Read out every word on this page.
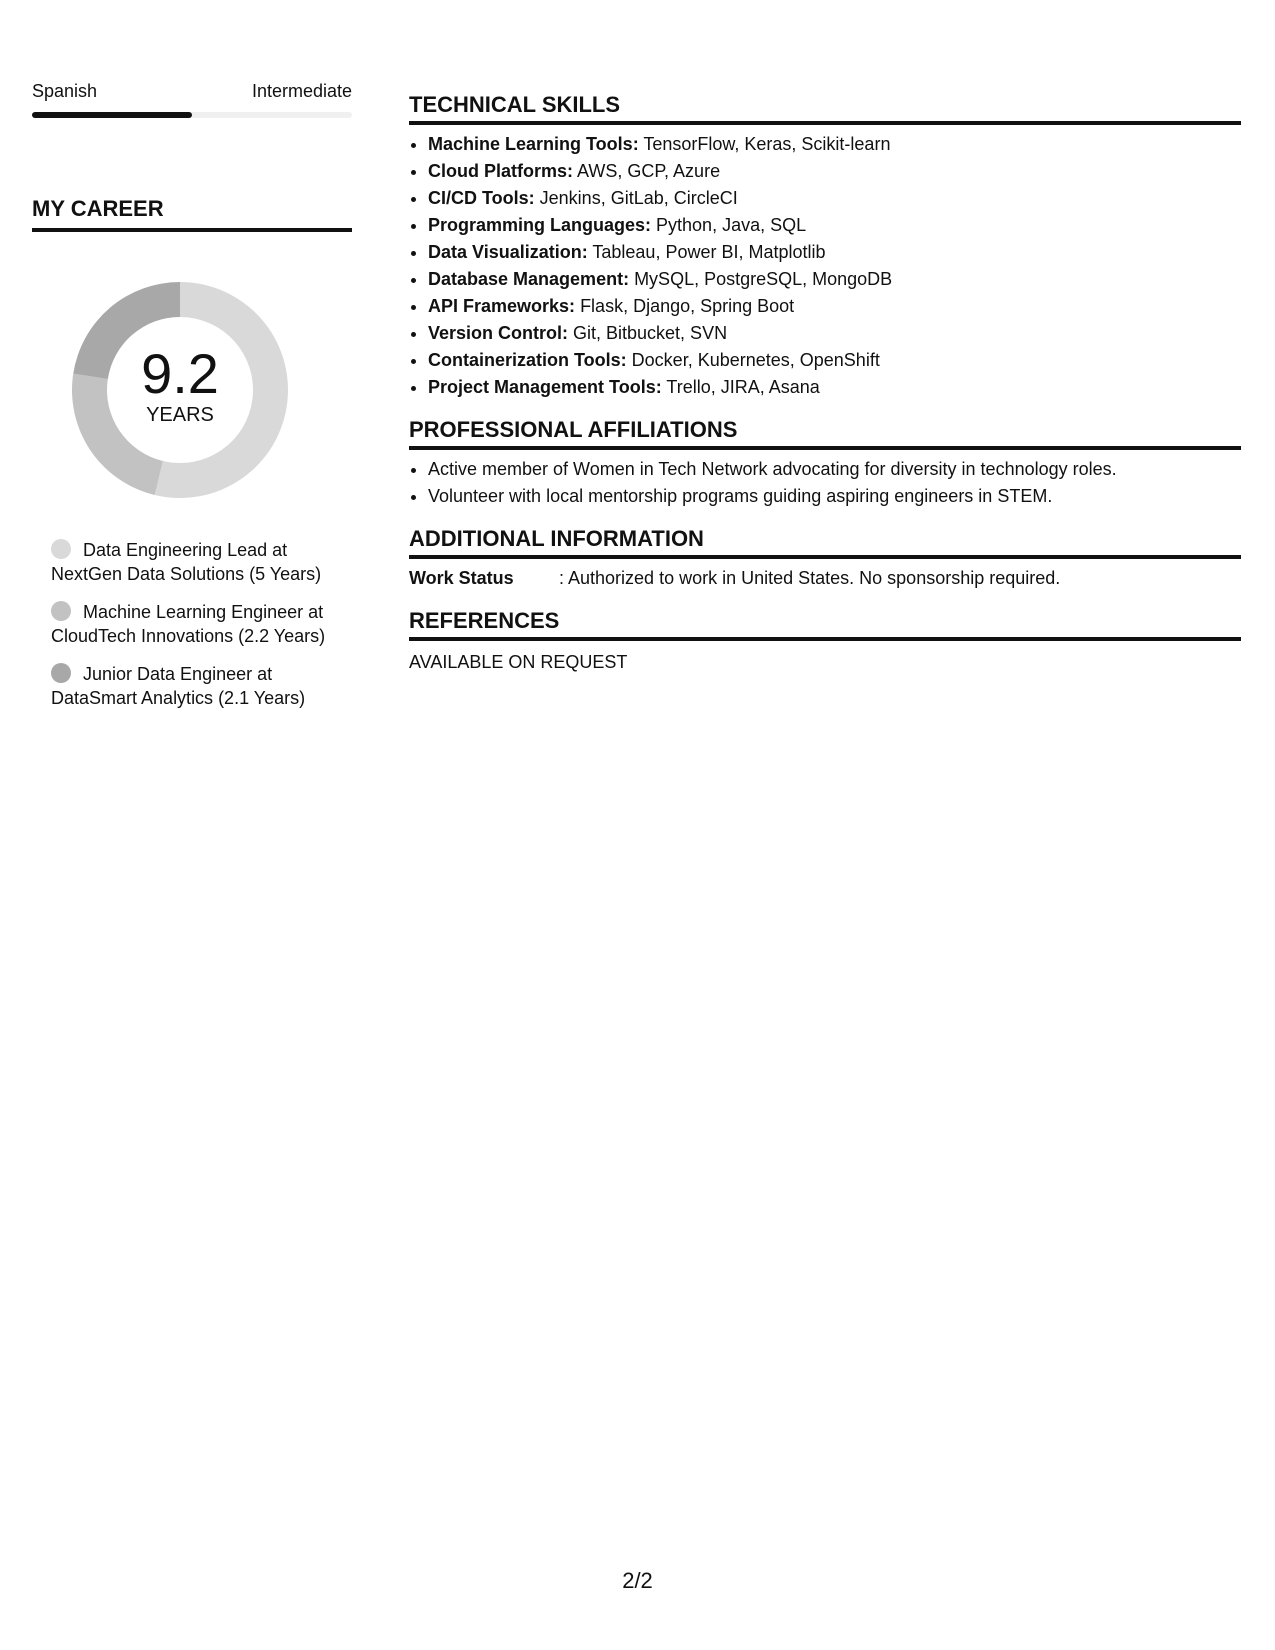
Spanish	Intermediate
MY CAREER
9.2
YEARS
Data Engineering Lead at NextGen Data Solutions (5 Years)
Machine Learning Engineer at CloudTech Innovations (2.2 Years)
Junior Data Engineer at DataSmart Analytics (2.1 Years)
TECHNICAL SKILLS
• Machine Learning Tools: TensorFlow, Keras, Scikit-learn
• Cloud Platforms: AWS, GCP, Azure
• CI/CD Tools: Jenkins, GitLab, CircleCI
• Programming Languages: Python, Java, SQL
• Data Visualization: Tableau, Power BI, Matplotlib
• Database Management: MySQL, PostgreSQL, MongoDB
• API Frameworks: Flask, Django, Spring Boot
• Version Control: Git, Bitbucket, SVN
• Containerization Tools: Docker, Kubernetes, OpenShift
• Project Management Tools: Trello, JIRA, Asana
PROFESSIONAL AFFILIATIONS
• Active member of Women in Tech Network advocating for diversity in technology roles.
• Volunteer with local mentorship programs guiding aspiring engineers in STEM.
ADDITIONAL INFORMATION
Work Status	: Authorized to work in United States. No sponsorship required.
REFERENCES
AVAILABLE ON REQUEST
2/2
